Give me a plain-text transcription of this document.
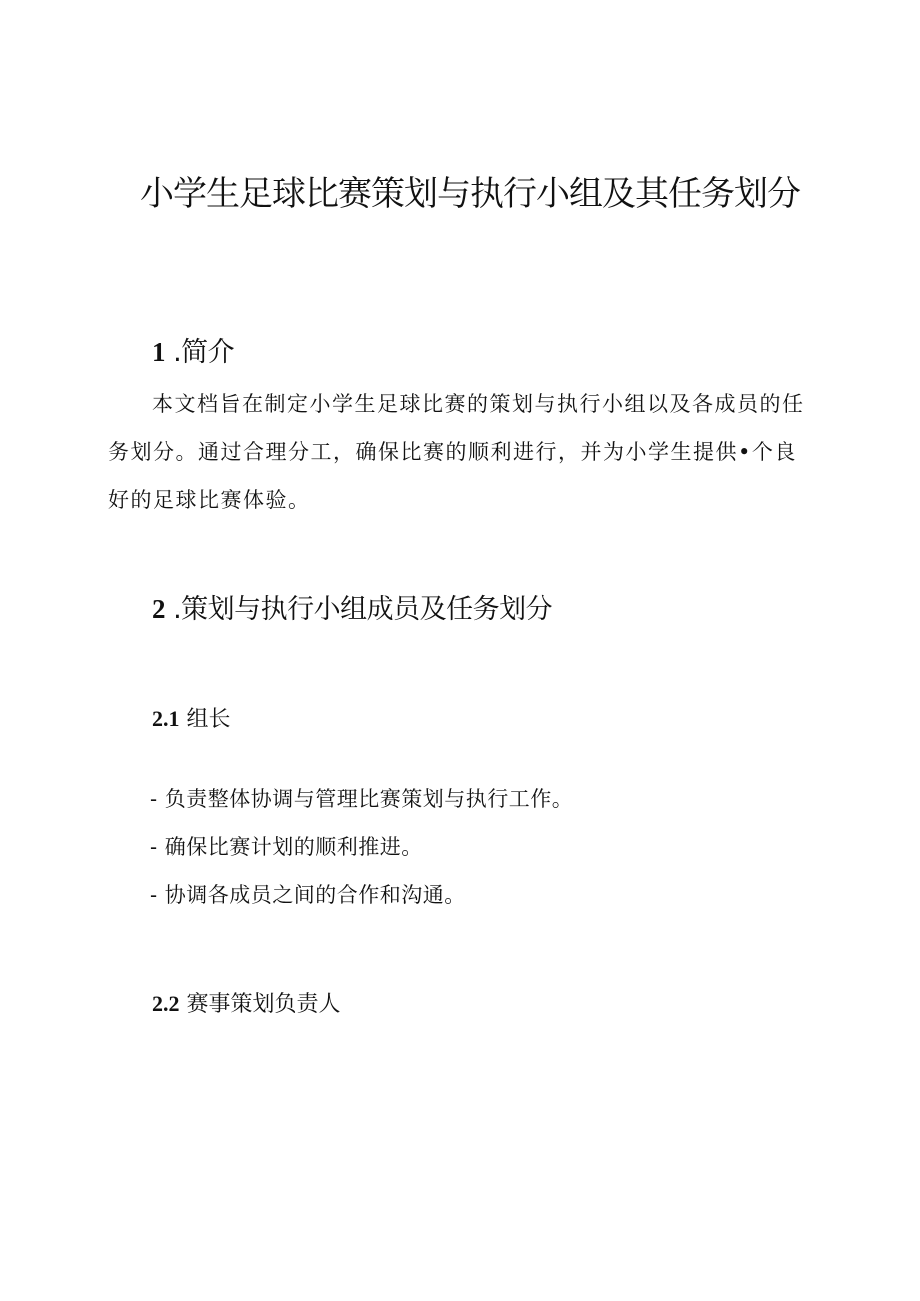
小学生足球比赛策划与执行小组及其任务划分
1 .简介

本文档旨在制定小学生足球比赛的策划与执行小组以及各成员的任务划分。通过合理分工，确保比赛的顺利进行，并为小学生提供•个良好的足球比赛体验。

2 .策划与执行小组成员及任务划分
2.1 组长
- 负责整体协调与管理比赛策划与执行工作。
- 确保比赛计划的顺利推进。
- 协调各成员之间的合作和沟通。
2.2 赛事策划负责人
